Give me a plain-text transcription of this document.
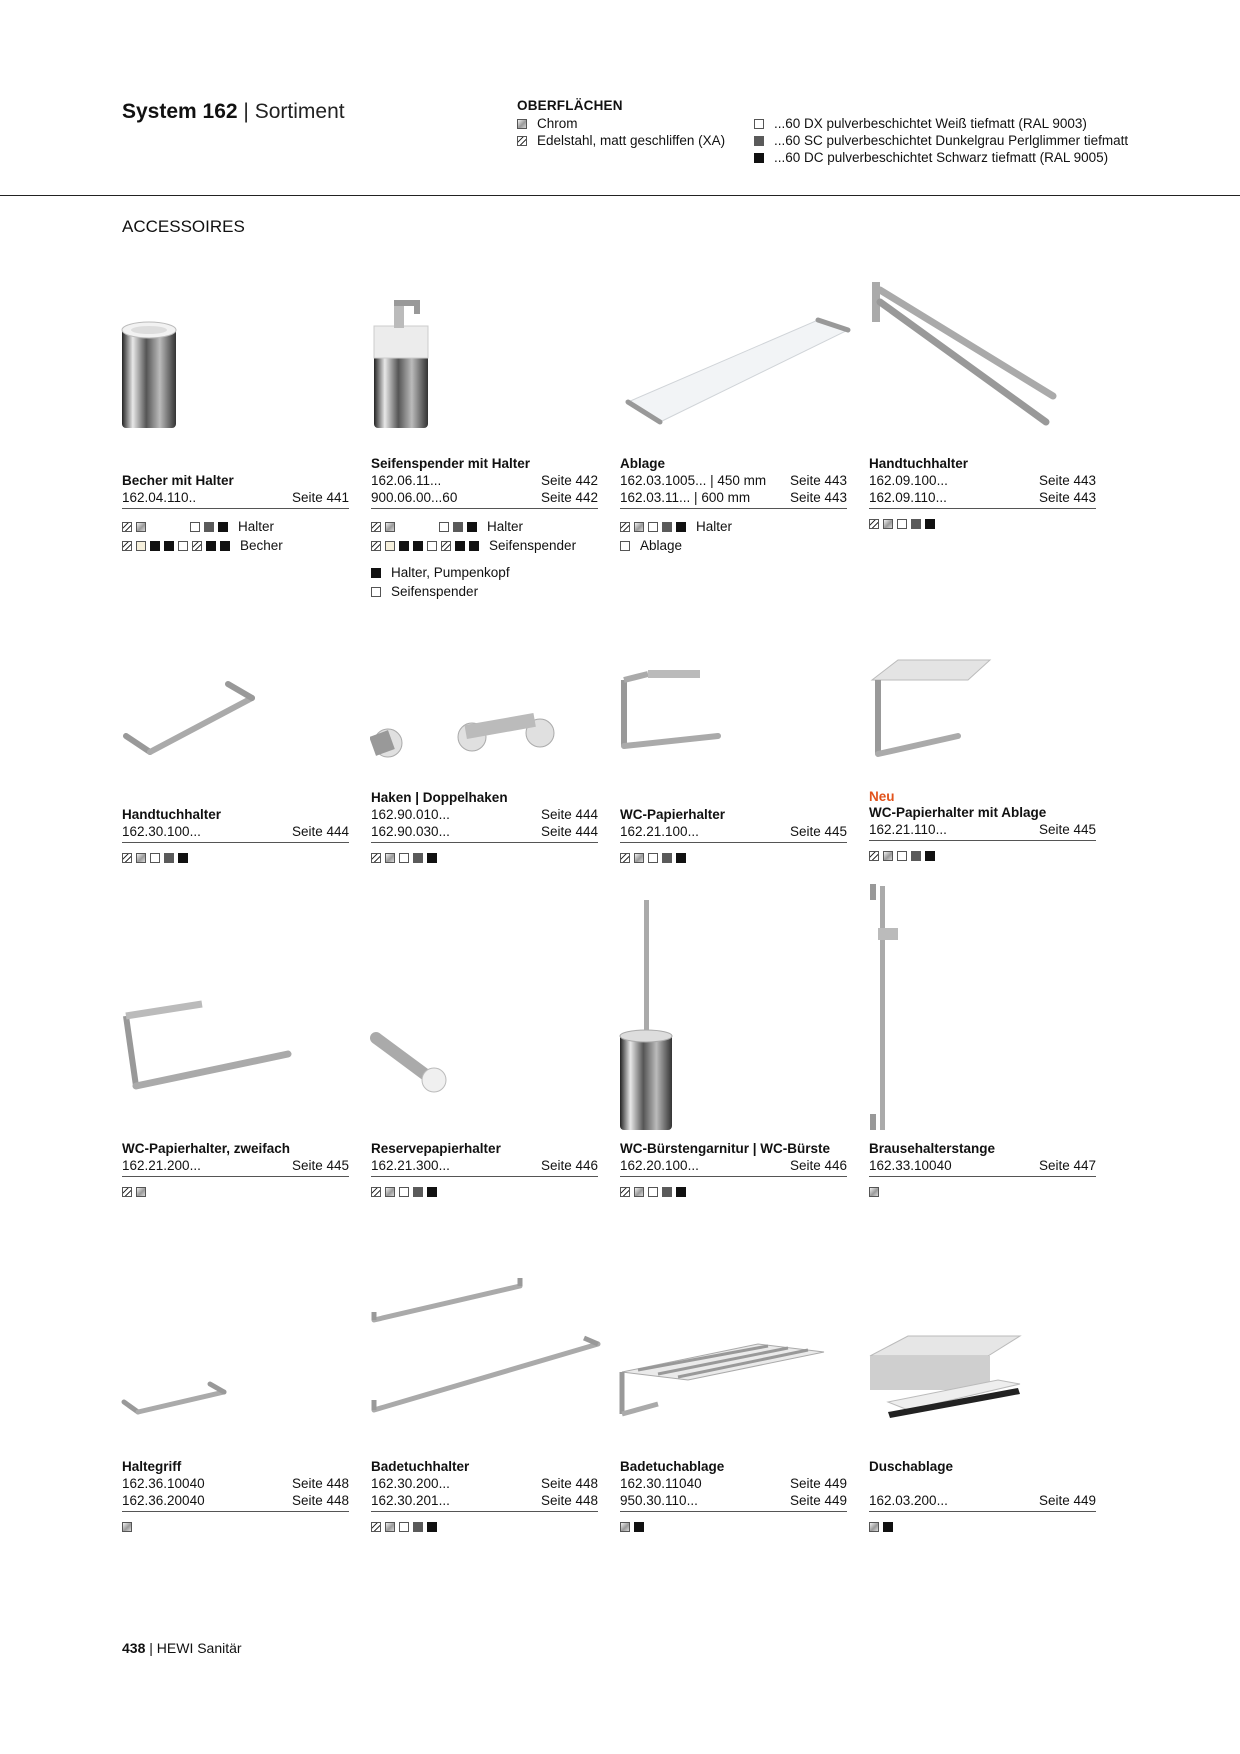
System 162 | Sortiment	OBERFLÄCHEN
Chrom
Edelstahl, matt geschliffen (XA)
...60 DX pulverbeschichtet Weiß tiefmatt (RAL 9003)
...60 SC pulverbeschichtet Dunkelgrau Perlglimmer tiefmatt
...60 DC pulverbeschichtet Schwarz tiefmatt (RAL 9005)
ACCESSOIRES
Becher mit Halter
162.04.110..	Seite 441
Halter
Becher
Seifenspender mit Halter
162.06.11...	Seite 442
900.06.00...60	Seite 442
Halter
Seifenspender
Halter, Pumpenkopf
Seifenspender
Ablage
162.03.1005... | 450 mm Seite 443
162.03.11... | 600 mm	Seite 443
Halter
Ablage
Handtuchhalter
162.09.100...	Seite 443
162.09.110...	Seite 443
Handtuchhalter
162.30.100...	Seite 444
Haken | Doppelhaken
162.90.010...	Seite 444
162.90.030...	Seite 444
WC-Papierhalter
162.21.100...	Seite 445
Neu
WC-Papierhalter mit Ablage
162.21.110...	Seite 445
WC-Papierhalter, zweifach
162.21.200...	Seite 445
Reservepapierhalter
162.21.300...	Seite 446
WC-Bürstengarnitur | WC-Bürste
162.20.100...	Seite 446
Brausehalterstange
162.33.10040	Seite 447
Haltegriff
162.36.10040	Seite 448
162.36.20040	Seite 448
Badetuchhalter
162.30.200...	Seite 448
162.30.201...	Seite 448
Badetuchablage
162.30.11040	Seite 449
950.30.110...	Seite 449
Duschablage
162.03.200...	Seite 449
438 | HEWI Sanitär
